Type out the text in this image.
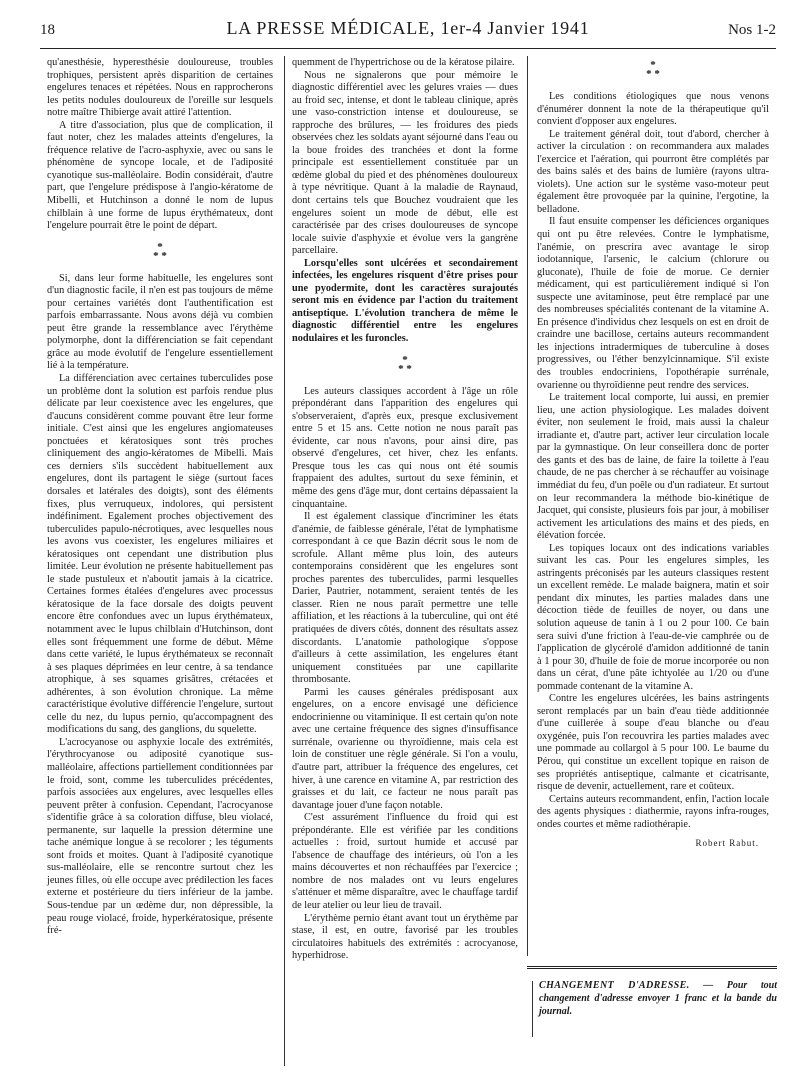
18	LA PRESSE MÉDICALE, 1er-4 Janvier 1941	Nos 1-2

qu'anesthésie, hyperesthésie douloureuse, troubles trophiques, persistent après disparition de certaines engelures tenaces et répétées. Nous en rapprocherons les petits nodules douloureux de l'oreille sur lesquels notre maître Thibierge avait attiré l'attention.

A titre d'association, plus que de complication, il faut noter, chez les malades atteints d'engelures, la fréquence relative de l'acro-asphyxie, avec ou sans le phénomène de syncope locale, et de l'adiposité cyanotique sus-malléolaire. Bodin considérait, d'autre part, que l'engelure prédispose à l'angio-kératome de Mibelli, et Hutchinson a donné le nom de lupus chilblain à une forme de lupus érythémateux, dont l'engelure pourrait être le point de départ.

*
* *

Si, dans leur forme habituelle, les engelures sont d'un diagnostic facile, il n'en est pas toujours de même pour certaines variétés dont l'authentification est parfois embarrassante. Nous avons déjà vu combien peut être grande la ressemblance avec l'érythème polymorphe, dont la différenciation se fait cependant grâce au mode évolutif de l'engelure essentiellement lié à la température.

La différenciation avec certaines tuberculides pose un problème dont la solution est parfois rendue plus délicate par leur coexistence avec les engelures, que d'aucuns considèrent comme pouvant être leur forme initiale. C'est ainsi que les engelures angiomateuses ponctuées et kératosiques sont très proches cliniquement des angio-kératomes de Mibelli. Mais ces derniers s'ils succèdent habituellement aux engelures, dont ils partagent le siège (surtout faces dorsales et latérales des doigts), sont des éléments fixes, plus verruqueux, indolores, qui persistent indéfiniment. Egalement proches objectivement des tuberculides papulo-nécrotiques, avec lesquelles nous les avons vus coexister, les engelures miliaires et kératosiques ont cependant une distribution plus limitée. Leur évolution ne présente habituellement pas le stade pustuleux et n'aboutit jamais à la cicatrice. Certaines formes étalées d'engelures avec processus kératosique de la face dorsale des doigts peuvent encore être confondues avec un lupus érythémateux, notamment avec le lupus chilblain d'Hutchinson, dont elles sont fréquemment une forme de début. Même dans cette variété, le lupus érythémateux se reconnaît à ses plaques déprimées en leur centre, à sa tendance atrophique, à ses squames grisâtres, crétacées et adhérentes, à son évolution chronique. La même caractéristique évolutive différencie l'engelure, surtout celle du nez, du lupus pernio, qu'accompagnent des modifications du sang, des ganglions, du squelette.

L'acrocyanose ou asphyxie locale des extrémités, l'érythrocyanose ou adiposité cyanotique sus-malléolaire, affections partiellement conditionnées par le froid, sont, comme les tuberculides précédentes, parfois associées aux engelures, avec lesquelles elles peuvent prêter à confusion. Cependant, l'acrocyanose s'identifie grâce à sa coloration diffuse, bleu violacé, permanente, sur laquelle la pression détermine une tache anémique longue à se recolorer ; les téguments sont froids et moites. Quant à l'adiposité cyanotique sus-malléolaire, elle se rencontre surtout chez les jeunes filles, où elle occupe avec prédilection les faces externe et postérieure du tiers inférieur de la jambe. Sous-tendue par un œdème dur, non dépressible, la peau rouge violacé, froide, hyperkératosique, présente fré-

quemment de l'hypertrichose ou de la kératose pilaire.

Nous ne signalerons que pour mémoire le diagnostic différentiel avec les gelures vraies — dues au froid sec, intense, et dont le tableau clinique, après une vaso-constriction intense et douloureuse, se rapproche des brûlures, — les froidures des pieds observées chez les soldats ayant séjourné dans l'eau ou la boue froides des tranchées et dont la forme principale est essentiellement constituée par un œdème global du pied et des phénomènes douloureux à type névritique. Quant à la maladie de Raynaud, dont certains tels que Bouchez voudraient que les engelures soient un mode de début, elle est caractérisée par des crises douloureuses de syncope locale suivie d'asphyxie et évolue vers la gangrène parcellaire.

Lorsqu'elles sont ulcérées et secondairement infectées, les engelures risquent d'être prises pour une pyodermite, dont les caractères surajoutés seront mis en évidence par l'action du traitement antiseptique. L'évolution tranchera de même le diagnostic différentiel entre les engelures nodulaires et les furoncles.

*
* *

Les auteurs classiques accordent à l'âge un rôle prépondérant dans l'apparition des engelures qui s'observeraient, d'après eux, presque exclusivement entre 5 et 15 ans. Cette notion ne nous paraît pas évidente, car nous n'avons, pour ainsi dire, pas observé d'engelures, cet hiver, chez les enfants. Presque tous les cas qui nous ont été soumis frappaient des adultes, surtout du sexe féminin, et même des gens d'âge mur, dont certains dépassaient la cinquantaine.

Il est également classique d'incriminer les états d'anémie, de faiblesse générale, l'état de lymphatisme correspondant à ce que Bazin décrit sous le nom de scrofule. Allant même plus loin, des auteurs contemporains considèrent que les engelures sont proches parentes des tuberculides, parmi lesquelles Darier, Pautrier, notamment, seraient tentés de les classer. Rien ne nous paraît permettre une telle affiliation, et les réactions à la tuberculine, qui ont été pratiquées de divers côtés, donnent des résultats assez discordants. L'anatomie pathologique s'oppose d'ailleurs à cette assimilation, les engelures étant uniquement constituées par une capillarite thrombosante.

Parmi les causes générales prédisposant aux engelures, on a encore envisagé une déficience endocrinienne ou vitaminique. Il est certain qu'on note avec une certaine fréquence des signes d'insuffisance surrénale, ovarienne ou thyroïdienne, mais cela est loin de constituer une règle générale. Si l'on a voulu, d'autre part, attribuer la fréquence des engelures, cet hiver, à une carence en vitamine A, par restriction des graisses et du lait, ce facteur ne nous paraît pas davantage jouer d'une façon notable.

C'est assurément l'influence du froid qui est prépondérante. Elle est vérifiée par les conditions actuelles : froid, surtout humide et accusé par l'absence de chauffage des intérieurs, où l'on a les mains découvertes et non réchauffées par l'exercice ; nombre de nos malades ont vu leurs engelures s'atténuer et même disparaître, avec le chauffage tardif de leur atelier ou leur lieu de travail.

L'érythème pernio étant avant tout un érythème par stase, il est, en outre, favorisé par les troubles circulatoires habituels des extrémités : acrocyanose, hyperhidrose.

*
* *

Les conditions étiologiques que nous venons d'énumérer donnent la note de la thérapeutique qu'il convient d'opposer aux engelures.

Le traitement général doit, tout d'abord, chercher à activer la circulation : on recommandera aux malades l'exercice et l'aération, qui pourront être complétés par des bains salés et des bains de lumière (rayons ultra-violets). Une action sur le système vaso-moteur peut également être provoquée par la quinine, l'ergotine, la belladone.

Il faut ensuite compenser les déficiences organiques qui ont pu être relevées. Contre le lymphatisme, l'anémie, on prescrira avec avantage le sirop iodotannique, l'arsenic, le calcium (chlorure ou gluconate), l'huile de foie de morue. Ce dernier médicament, qui est particulièrement indiqué si l'on suspecte une avitaminose, peut être remplacé par une des nombreuses spécialités contenant de la vitamine A. En présence d'individus chez lesquels on est en droit de craindre une bacillose, certains auteurs recommandent les injections intradermiques de tuberculine à doses progressives, ou l'éther benzylcinnamique. S'il existe des troubles endocriniens, l'opothérapie surrénale, ovarienne ou thyroïdienne peut rendre des services.

Le traitement local comporte, lui aussi, en premier lieu, une action physiologique. Les malades doivent éviter, non seulement le froid, mais aussi la chaleur irradiante et, d'autre part, activer leur circulation locale par la gymnastique. On leur conseillera donc de porter des gants et des bas de laine, de faire la toilette à l'eau chaude, de ne pas chercher à se réchauffer au voisinage immédiat du feu, d'un poêle ou d'un radiateur. Et surtout on leur recommandera la méthode bio-kinétique de Jacquet, qui consiste, plusieurs fois par jour, à mobiliser activement les articulations des mains et des pieds, en élévation forcée.

Les topiques locaux ont des indications variables suivant les cas. Pour les engelures simples, les astringents préconisés par les auteurs classiques restent un excellent remède. Le malade baignera, matin et soir pendant dix minutes, les parties malades dans une décoction tiède de feuilles de noyer, ou dans une solution aqueuse de tanin à 1 ou 2 pour 100. Ce bain sera suivi d'une friction à l'eau-de-vie camphrée ou de l'application de glycérolé d'amidon additionné de tanin à 1 pour 30, d'huile de foie de morue incorporée ou non dans un cérat, d'une pâte ichtyolée au 1/20 ou d'une pommade contenant de la vitamine A.

Contre les engelures ulcérées, les bains astringents seront remplacés par un bain d'eau tiède additionnée d'une cuillerée à soupe d'eau blanche ou d'eau oxygénée, puis l'on recouvrira les parties malades avec une pommade au collargol à 5 pour 100. Le baume du Pérou, qui constitue un excellent topique en raison de ses propriétés antiseptique, calmante et cicatrisante, risque de devenir, actuellement, rare et coûteux.

Certains auteurs recommandent, enfin, l'action locale des agents physiques : diathermie, rayons infra-rouges, ondes courtes et même radiothérapie.

Robert Rabut.
CHANGEMENT D'ADRESSE. — Pour tout changement d'adresse envoyer 1 franc et la bande du journal.
